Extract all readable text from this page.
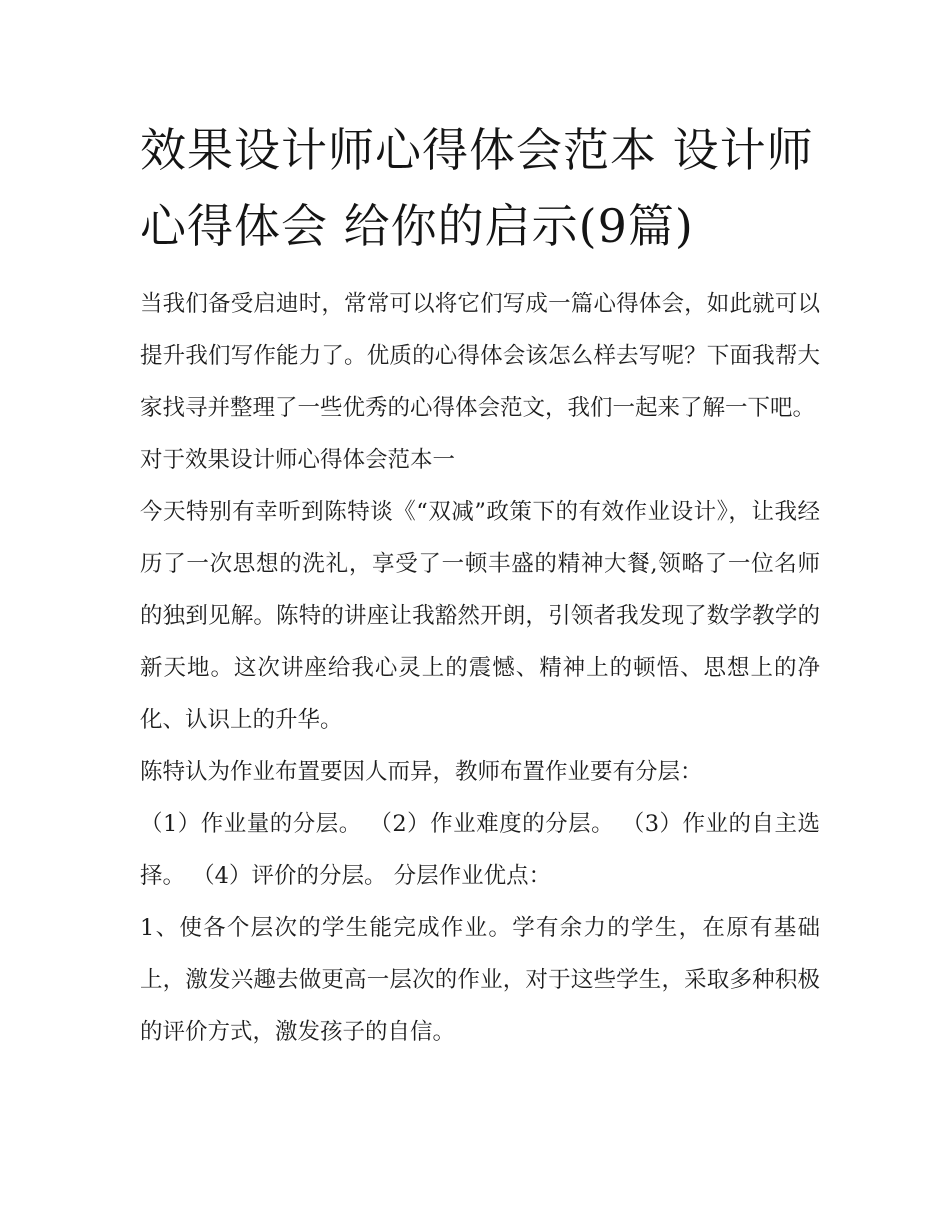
效果设计师心得体会范本 设计师心得体会 给你的启示(9篇)

当我们备受启迪时，常常可以将它们写成一篇心得体会，如此就可以提升我们写作能力了。优质的心得体会该怎么样去写呢？下面我帮大家找寻并整理了一些优秀的心得体会范文，我们一起来了解一下吧。

对于效果设计师心得体会范本一

今天特别有幸听到陈特谈《“双减”政策下的有效作业设计》，让我经历了一次思想的洗礼，享受了一顿丰盛的精神大餐,领略了一位名师的独到见解。陈特的讲座让我豁然开朗，引领者我发现了数学教学的新天地。这次讲座给我心灵上的震憾、精神上的顿悟、思想上的净化、认识上的升华。

陈特认为作业布置要因人而异，教师布置作业要有分层：

（1）作业量的分层。 （2）作业难度的分层。 （3）作业的自主选择。 （4）评价的分层。 分层作业优点：

1、使各个层次的学生能完成作业。学有余力的学生，在原有基础上，激发兴趣去做更高一层次的作业，对于这些学生，采取多种积极的评价方式，激发孩子的自信。
